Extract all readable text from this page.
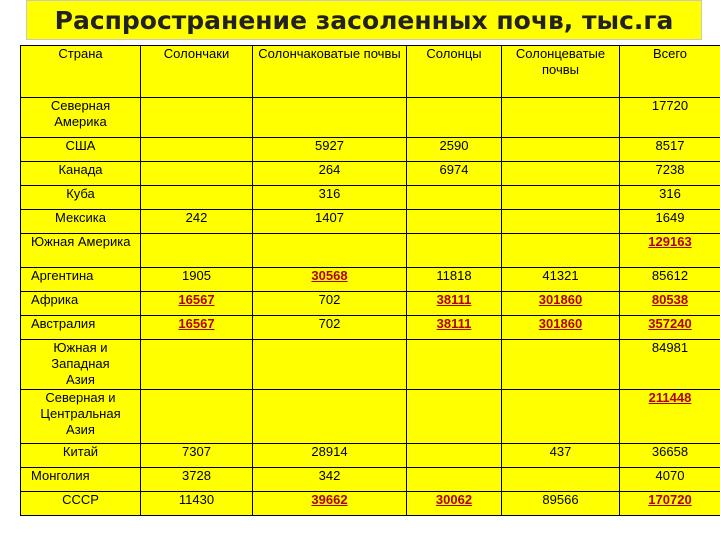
Распространение засоленных почв, тыс.га
Страна	Солончаки	Солончаковатые почвы	Солонцы	Солонцеватые почвы	Всего

Северная Америка					17720

США		5927	2590		8517

Канада		264	6974		7238

Куба		316			316

Мексика	242	1407			1649

Южная Америка					129163

Аргентина	1905	30568	11818	41321	85612

Африка	16567	702	38111	301860	80538

Австралия	16567	702	38111	301860	357240

Южная и Западная Азия					84981

Северная и Центральная Азия					211448

Китай	7307	28914		437	36658

Монголия	3728	342			4070

СССР	11430	39662	30062	89566	170720
